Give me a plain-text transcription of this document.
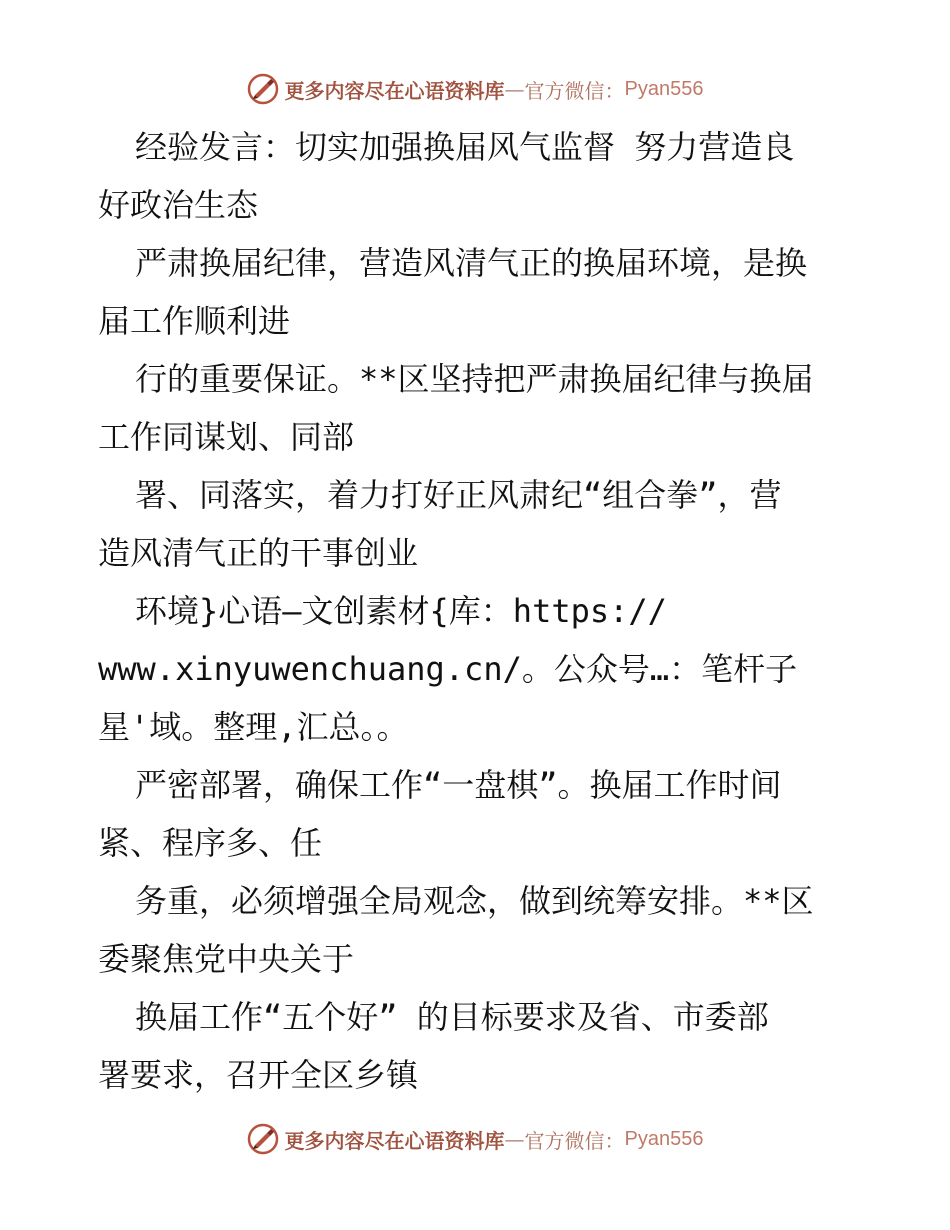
更多内容尽在心语资料库 — 官方微信： Pyan556
经验发言：切实加强换届风气监督 努力营造良
好政治生态
严肃换届纪律，营造风清气正的换届环境，是换
届工作顺利进
行的重要保证。**区坚持把严肃换届纪律与换届
工作同谋划、同部
署、同落实，着力打好正风肃纪“组合拳”，营
造风清气正的干事创业
环境}心语—文创素材{库：https://
www.xinyuwenchuang.cn/。公众号…：笔杆子
星'域。整理,汇总。。
严密部署，确保工作“一盘棋”。换届工作时间
紧、程序多、任
务重，必须增强全局观念，做到统筹安排。**区
委聚焦党中央关于
换届工作“五个好” 的目标要求及省、市委部
署要求，召开全区乡镇
更多内容尽在心语资料库 — 官方微信： Pyan556
